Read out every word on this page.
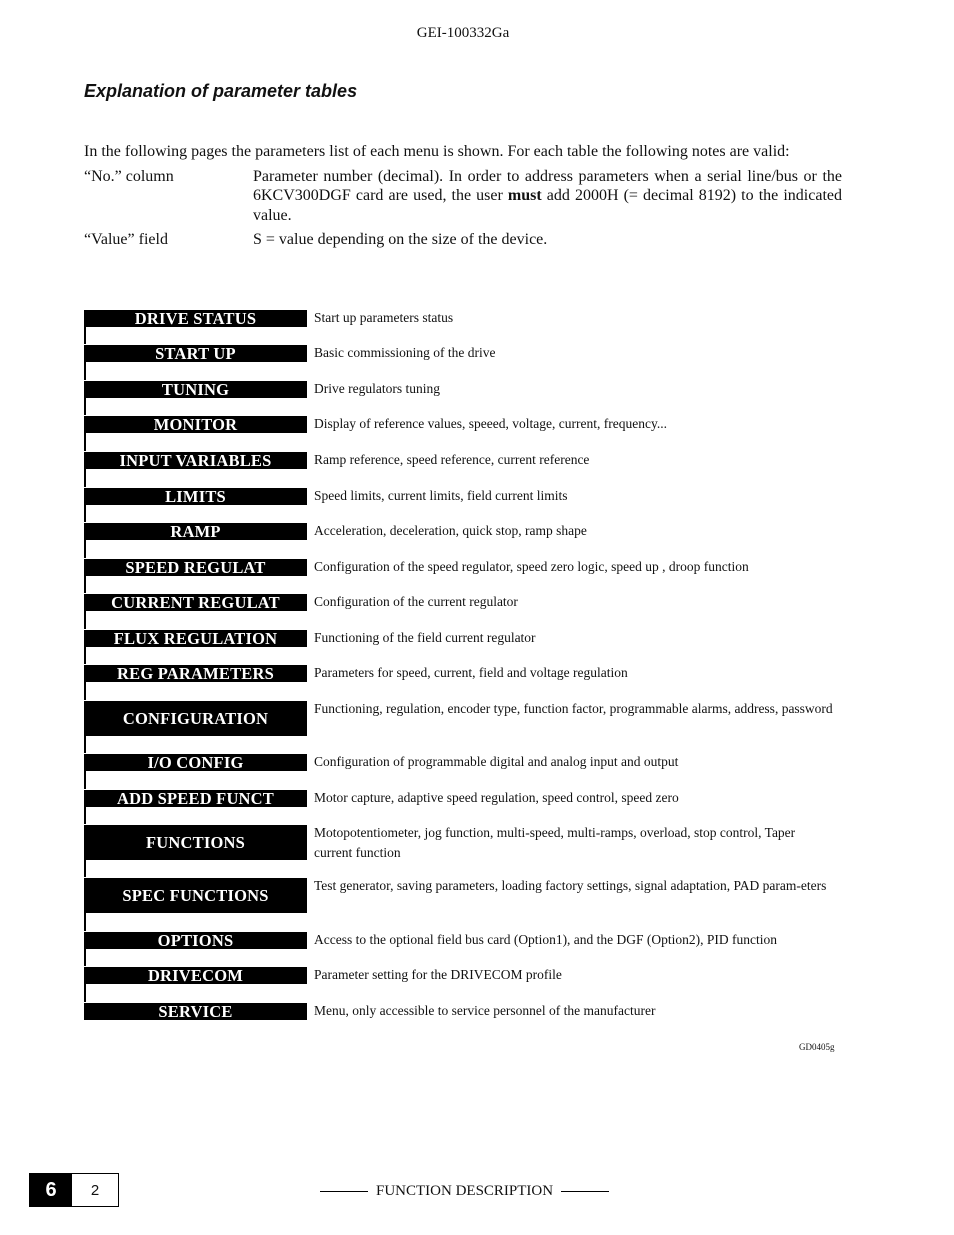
GEI-100332Ga
Explanation of parameter tables
In the following pages the parameters list of each menu is shown. For each table the following notes are valid:
“No.” column	Parameter number (decimal). In order to address parameters when a serial line/bus or the 6KCV300DGF card are used, the user must add 2000H (= decimal 8192) to the indicated value.
“Value” field	S = value depending on the size of the device.
DRIVE STATUS	Start up parameters status
START UP	Basic commissioning of the drive
TUNING	Drive regulators tuning
MONITOR	Display of reference values, speeed, voltage, current, frequency...
INPUT VARIABLES	Ramp reference, speed reference, current reference
LIMITS	Speed limits, current limits, field current limits
RAMP	Acceleration, deceleration, quick stop, ramp shape
SPEED REGULAT	Configuration of the speed regulator, speed zero logic, speed up , droop function
CURRENT REGULAT	Configuration of the current regulator
FLUX REGULATION	Functioning of the field current regulator
REG PARAMETERS	Parameters for speed, current, field and voltage regulation
CONFIGURATION	Functioning, regulation, encoder type, function factor, programmable alarms, address, password
I/O CONFIG	Configuration of programmable digital and analog input and output
ADD SPEED FUNCT	Motor capture, adaptive speed regulation, speed control, speed zero
FUNCTIONS	Motopotentiometer, jog function, multi-speed, multi-ramps, overload, stop control, Taper current function
SPEC FUNCTIONS	Test generator, saving parameters, loading factory settings, signal adaptation, PAD param-eters
OPTIONS	Access to the optional field bus card (Option1), and the DGF (Option2), PID function
DRIVECOM	Parameter setting for the DRIVECOM profile
SERVICE	Menu, only accessible to service personnel of the manufacturer
GD0405g
6	2	FUNCTION DESCRIPTION
